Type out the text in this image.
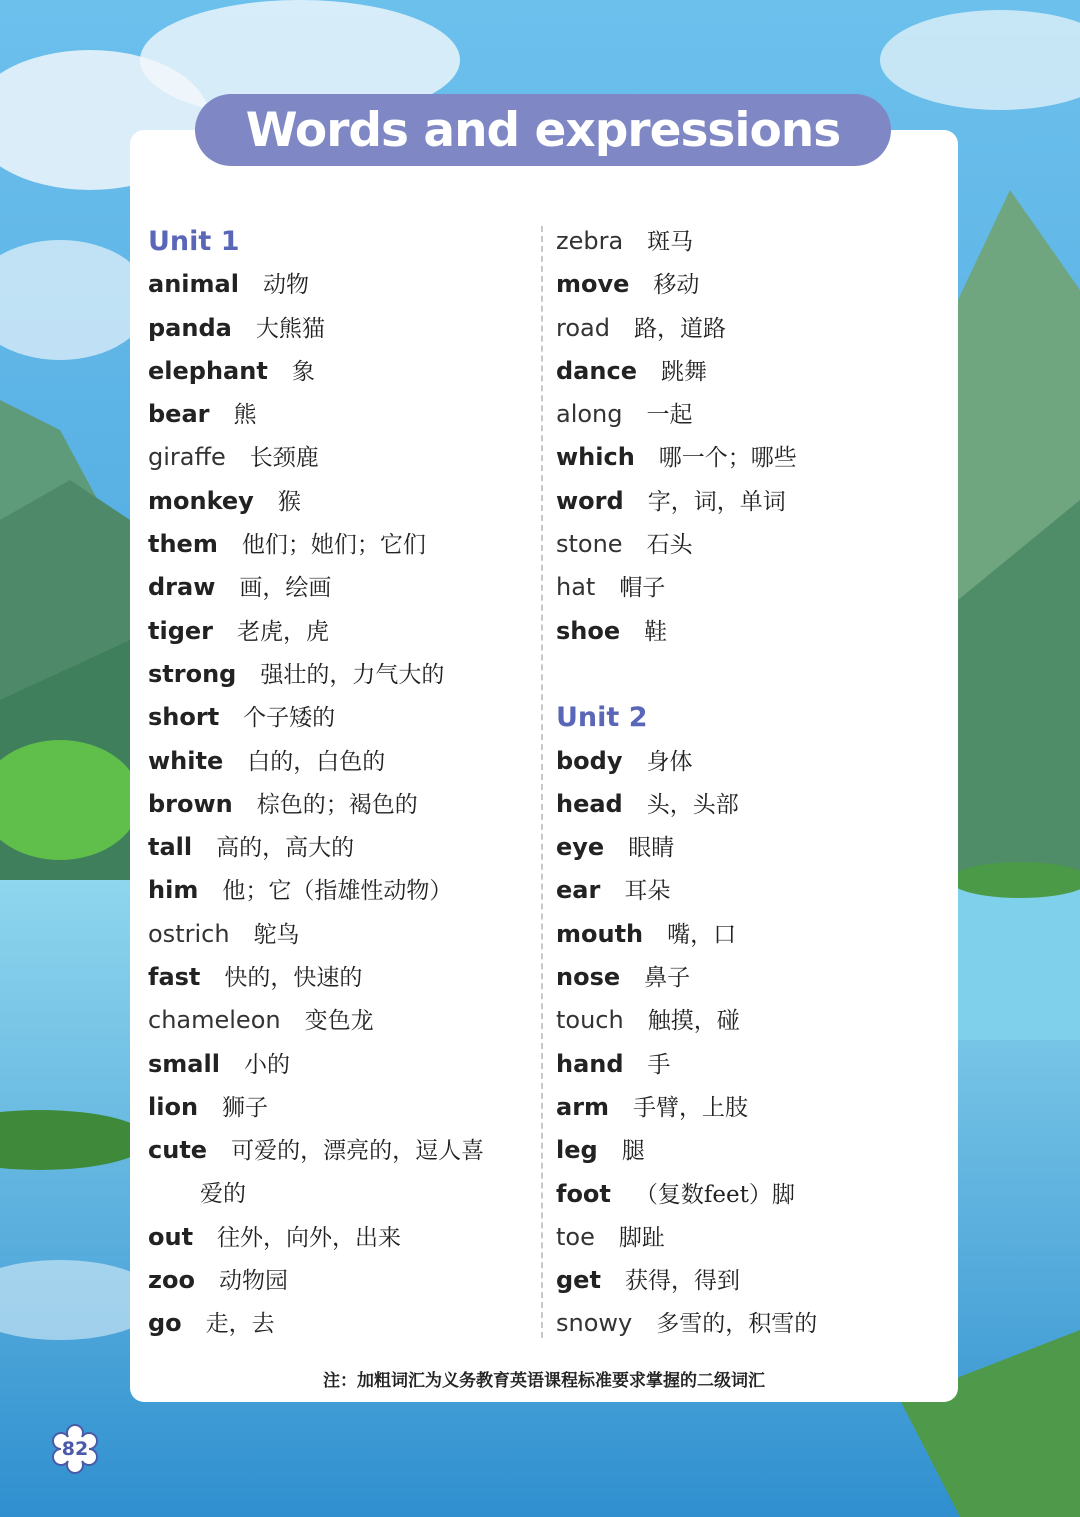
Words and expressions
Unit 1
animal 动物
panda 大熊猫
elephant 象
bear 熊
giraffe 长颈鹿
monkey 猴
them 他们；她们；它们
draw 画，绘画
tiger 老虎，虎
strong 强壮的，力气大的
short 个子矮的
white 白的，白色的
brown 棕色的；褐色的
tall 高的，高大的
him 他；它（指雄性动物）
ostrich 鸵鸟
fast 快的，快速的
chameleon 变色龙
small 小的
lion 狮子
cute 可爱的，漂亮的，逗人喜
爱的
out 往外，向外，出来
zoo 动物园
go 走，去
zebra 斑马
move 移动
road 路，道路
dance 跳舞
along 一起
which 哪一个；哪些
word 字，词，单词
stone 石头
hat 帽子
shoe 鞋
Unit 2
body 身体
head 头，头部
eye 眼睛
ear 耳朵
mouth 嘴，口
nose 鼻子
touch 触摸，碰
hand 手
arm 手臂，上肢
leg 腿
foot （复数feet）脚
toe 脚趾
get 获得，得到
snowy 多雪的，积雪的
注：加粗词汇为义务教育英语课程标准要求掌握的二级词汇
82
